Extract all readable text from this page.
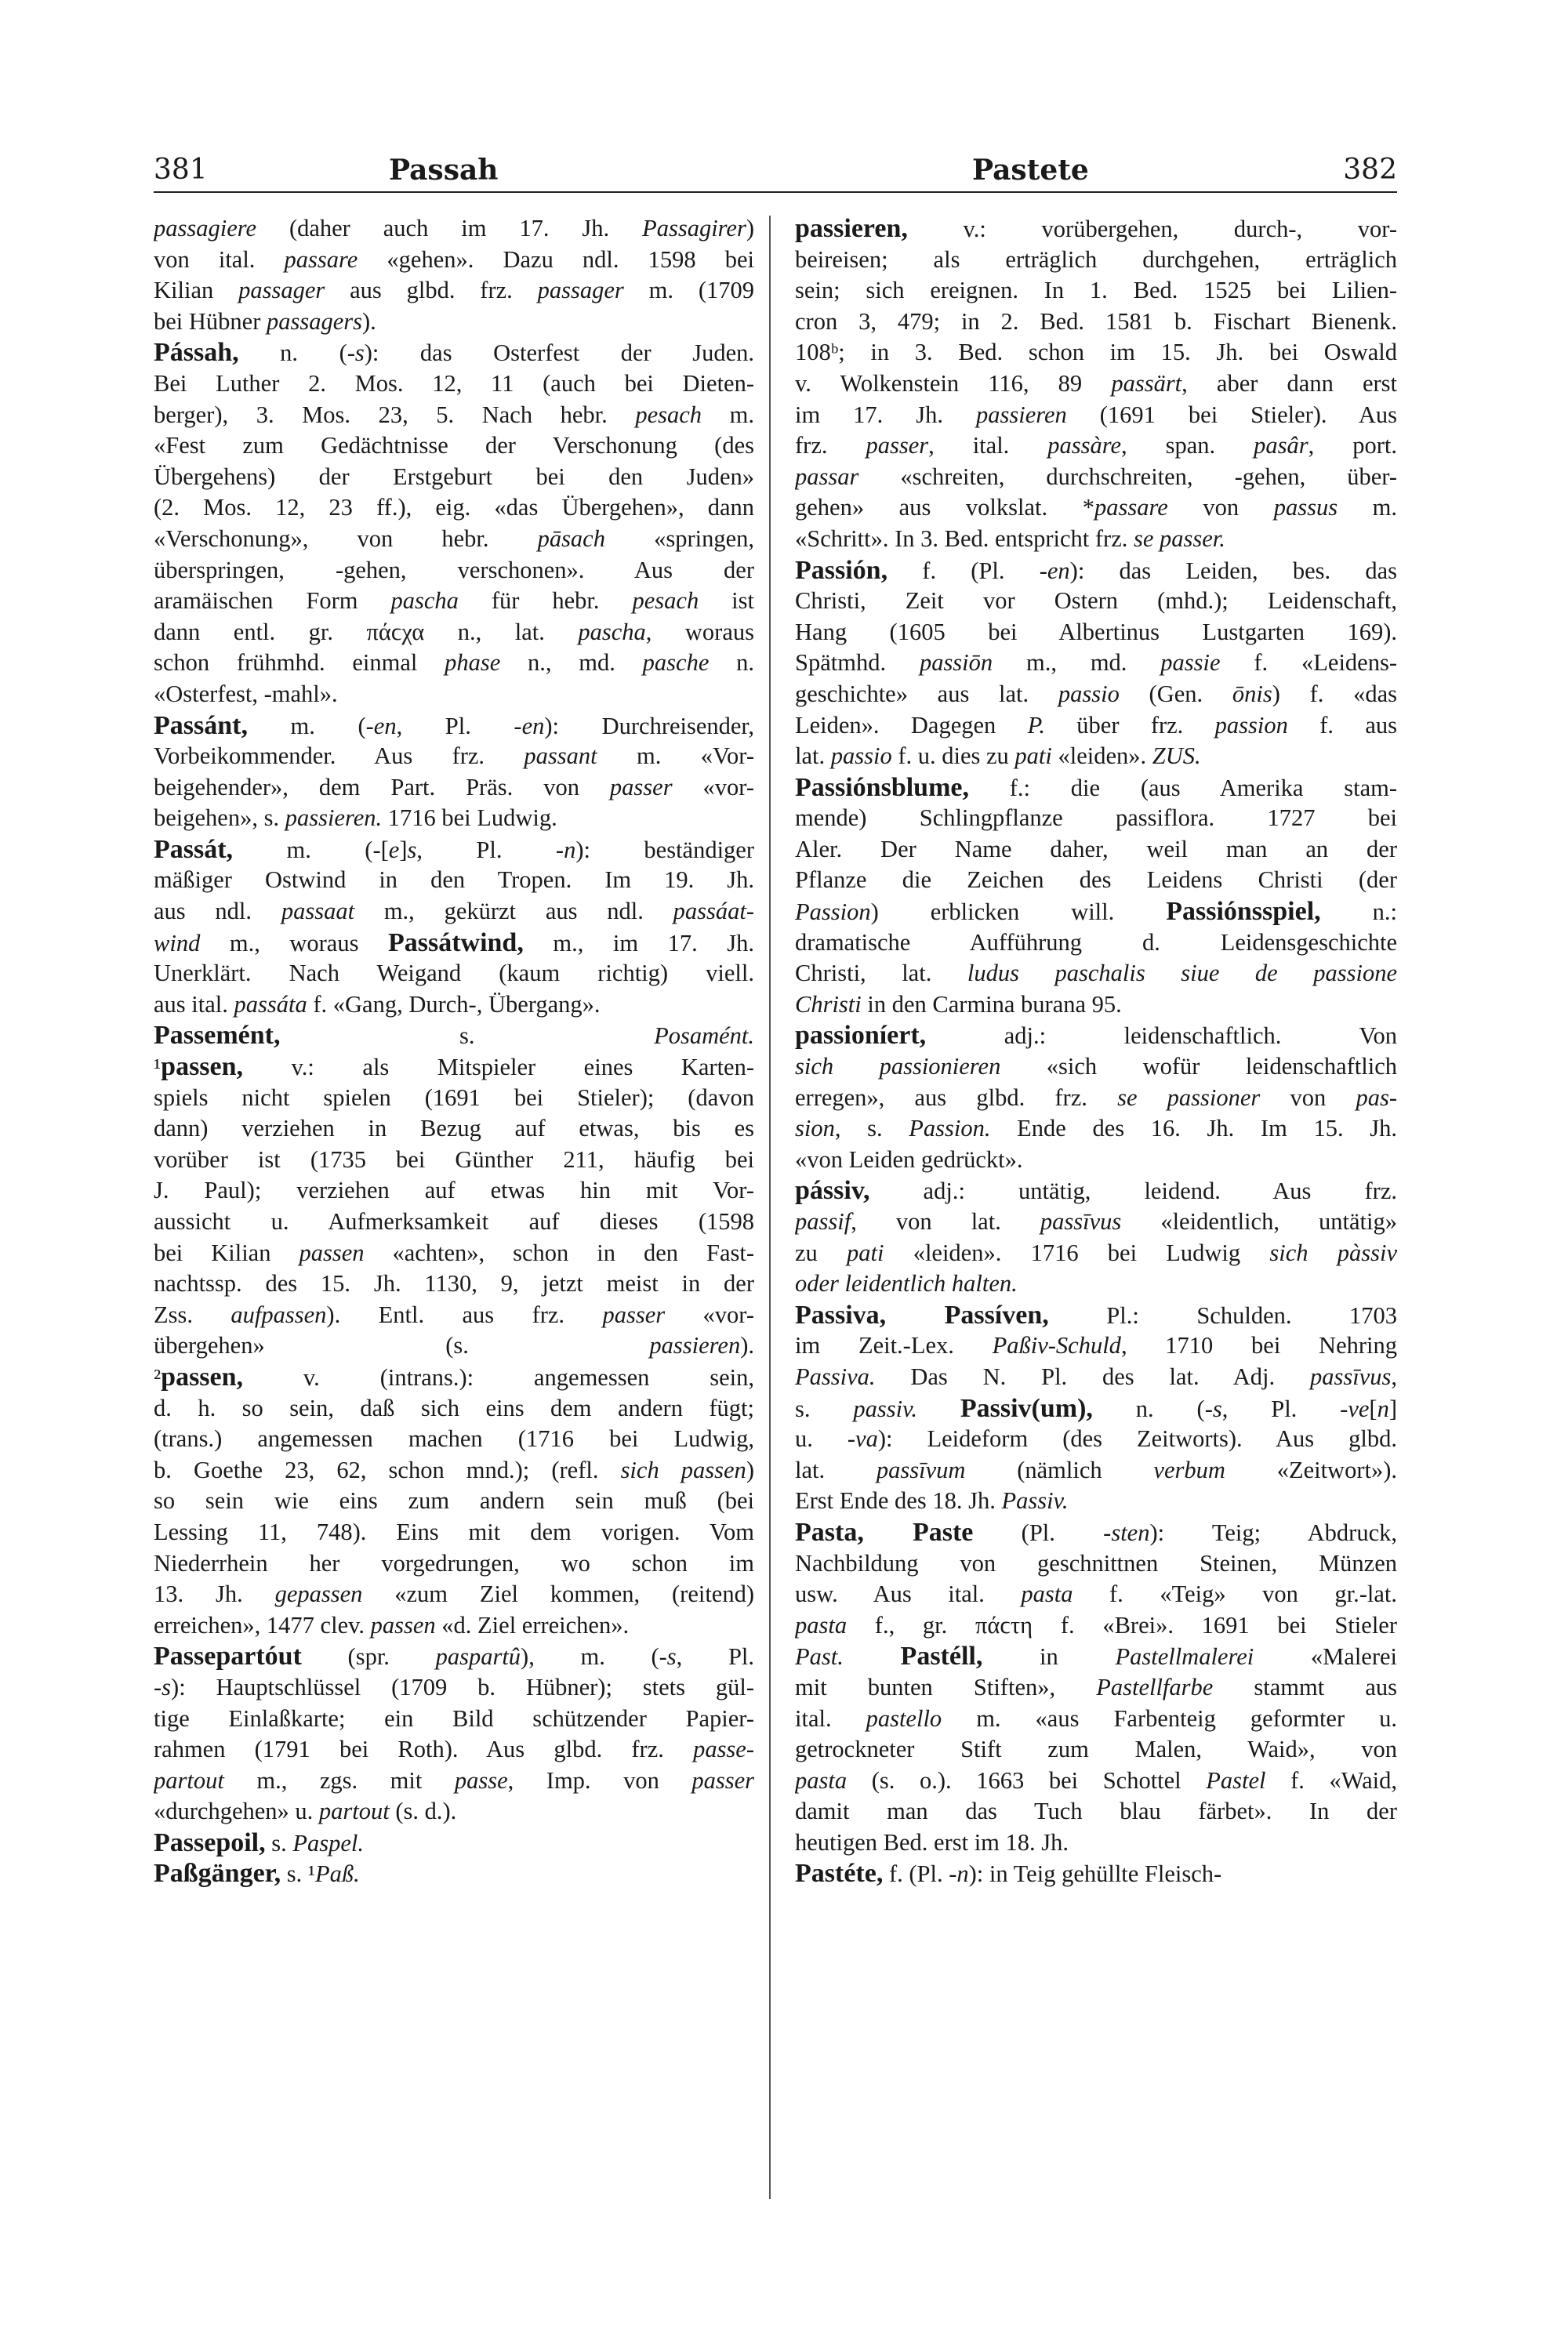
381	Passah	Pastete	382
passagiere (daher auch im 17. Jh. Passagirer)
von ital. passare «gehen». Dazu ndl. 1598 bei
Kilian passager aus glbd. frz. passager m. (1709
bei Hübner passagers).
Pássah, n. (-s): das Osterfest der Juden.
Bei Luther 2. Mos. 12, 11 (auch bei Dieten-
berger), 3. Mos. 23, 5. Nach hebr. pesach m.
«Fest zum Gedächtnisse der Verschonung (des
Übergehens) der Erstgeburt bei den Juden»
(2. Mos. 12, 23 ff.), eig. «das Übergehen», dann
«Verschonung», von hebr. pāsach «springen,
überspringen, -gehen, verschonen». Aus der
aramäischen Form pascha für hebr. pesach ist
dann entl. gr. πάϲχα n., lat. pascha, woraus
schon frühmhd. einmal phase n., md. pasche n.
«Osterfest, -mahl».
Passánt, m. (-en, Pl. -en): Durchreisender,
Vorbeikommender. Aus frz. passant m. «Vor-
beigehender», dem Part. Präs. von passer «vor-
beigehen», s. passieren. 1716 bei Ludwig.
Passát, m. (-[e]s, Pl. -n): beständiger
mäßiger Ostwind in den Tropen. Im 19. Jh.
aus ndl. passaat m., gekürzt aus ndl. passáat-
wind m., woraus Passátwind, m., im 17. Jh.
Unerklärt. Nach Weigand (kaum richtig) viell.
aus ital. passáta f. «Gang, Durch-, Übergang».
Passemént, s. Posamént.
¹passen, v.: als Mitspieler eines Karten-
spiels nicht spielen (1691 bei Stieler); (davon
dann) verziehen in Bezug auf etwas, bis es
vorüber ist (1735 bei Günther 211, häufig bei
J. Paul); verziehen auf etwas hin mit Vor-
aussicht u. Aufmerksamkeit auf dieses (1598
bei Kilian passen «achten», schon in den Fast-
nachtssp. des 15. Jh. 1130, 9, jetzt meist in der
Zss. aufpassen). Entl. aus frz. passer «vor-
übergehen» (s. passieren).
²passen, v. (intrans.): angemessen sein,
d. h. so sein, daß sich eins dem andern fügt;
(trans.) angemessen machen (1716 bei Ludwig,
b. Goethe 23, 62, schon mnd.); (refl. sich passen)
so sein wie eins zum andern sein muß (bei
Lessing 11, 748). Eins mit dem vorigen. Vom
Niederrhein her vorgedrungen, wo schon im
13. Jh. gepassen «zum Ziel kommen, (reitend)
erreichen», 1477 clev. passen «d. Ziel erreichen».
Passepartóut (spr. paspartû), m. (-s, Pl.
-s): Hauptschlüssel (1709 b. Hübner); stets gül-
tige Einlaßkarte; ein Bild schützender Papier-
rahmen (1791 bei Roth). Aus glbd. frz. passe-
partout m., zgs. mit passe, Imp. von passer
«durchgehen» u. partout (s. d.).
Passepoil, s. Paspel.
Paßgänger, s. ¹Paß.
passieren, v.: vorübergehen, durch-, vor-
beireisen; als erträglich durchgehen, erträglich
sein; sich ereignen. In 1. Bed. 1525 bei Lilien-
cron 3, 479; in 2. Bed. 1581 b. Fischart Bienenk.
108ᵇ; in 3. Bed. schon im 15. Jh. bei Oswald
v. Wolkenstein 116, 89 passärt, aber dann erst
im 17. Jh. passieren (1691 bei Stieler). Aus
frz. passer, ital. passàre, span. pasâr, port.
passar «schreiten, durchschreiten, -gehen, über-
gehen» aus volkslat. *passare von passus m.
«Schritt». In 3. Bed. entspricht frz. se passer.
Passión, f. (Pl. -en): das Leiden, bes. das
Christi, Zeit vor Ostern (mhd.); Leidenschaft,
Hang (1605 bei Albertinus Lustgarten 169).
Spätmhd. passiōn m., md. passie f. «Leidens-
geschichte» aus lat. passio (Gen. ōnis) f. «das
Leiden». Dagegen P. über frz. passion f. aus
lat. passio f. u. dies zu pati «leiden». ZUS.
Passiónsblume, f.: die (aus Amerika stam-
mende) Schlingpflanze passiflora. 1727 bei
Aler. Der Name daher, weil man an der
Pflanze die Zeichen des Leidens Christi (der
Passion) erblicken will. Passiónsspiel, n.:
dramatische Aufführung d. Leidensgeschichte
Christi, lat. ludus paschalis siue de passione
Christi in den Carmina burana 95.
passioníert, adj.: leidenschaftlich. Von
sich passionieren «sich wofür leidenschaftlich
erregen», aus glbd. frz. se passioner von pas-
sion, s. Passion. Ende des 16. Jh. Im 15. Jh.
«von Leiden gedrückt».
pássiv, adj.: untätig, leidend. Aus frz.
passif, von lat. passīvus «leidentlich, untätig»
zu pati «leiden». 1716 bei Ludwig sich pàssiv
oder leidentlich halten.
Passiva, Passíven, Pl.: Schulden. 1703
im Zeit.-Lex. Paßiv-Schuld, 1710 bei Nehring
Passiva. Das N. Pl. des lat. Adj. passīvus,
s. passiv. Passiv(um), n. (-s, Pl. -ve[n]
u. -va): Leideform (des Zeitworts). Aus glbd.
lat. passīvum (nämlich verbum «Zeitwort»).
Erst Ende des 18. Jh. Passiv.
Pasta, Paste (Pl. -sten): Teig; Abdruck,
Nachbildung von geschnittnen Steinen, Münzen
usw. Aus ital. pasta f. «Teig» von gr.-lat.
pasta f., gr. πάϲτη f. «Brei». 1691 bei Stieler
Past. Pastéll, in Pastellmalerei «Malerei
mit bunten Stiften», Pastellfarbe stammt aus
ital. pastello m. «aus Farbenteig geformter u.
getrockneter Stift zum Malen, Waid», von
pasta (s. o.). 1663 bei Schottel Pastel f. «Waid,
damit man das Tuch blau färbet». In der
heutigen Bed. erst im 18. Jh.
Pastéte, f. (Pl. -n): in Teig gehüllte Fleisch-
